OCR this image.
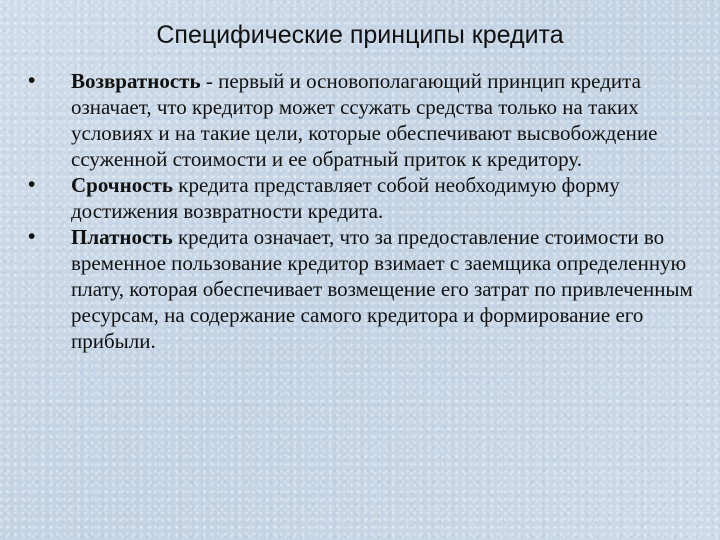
Специфические принципы кредита
•	Возвратность - первый и основополагающий принцип кредита означает, что кредитор может ссужать средства только на таких условиях и на такие цели, которые обеспечивают высвобождение ссуженной стоимости и ее обратный приток к кредитору.
•	Срочность кредита представляет собой необходимую форму достижения возвратности кредита.
•	Платность кредита означает, что за предоставление стоимости во временное пользование кредитор взимает с заемщика определенную плату, которая обеспечивает возмещение его затрат по привлеченным ресурсам, на содержание самого кредитора и формирование его прибыли.
